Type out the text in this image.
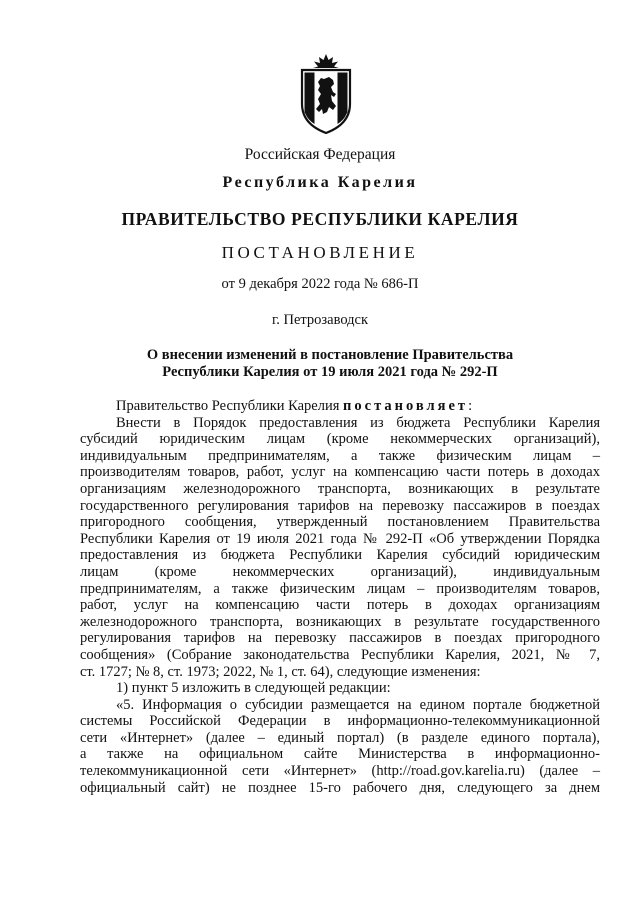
Российская Федерация
Республика Карелия
ПРАВИТЕЛЬСТВО РЕСПУБЛИКИ КАРЕЛИЯ
ПОСТАНОВЛЕНИЕ
от 9 декабря 2022 года № 686-П
г. Петрозаводск
О внесении изменений в постановление Правительства
Республики Карелия от 19 июля 2021 года № 292-П

Правительство Республики Карелия постановляет:

Внести в Порядок предоставления из бюджета Республики Карелия

субсидий юридическим лицам (кроме некоммерческих организаций),

индивидуальным предпринимателям, а также физическим лицам –

производителям товаров, работ, услуг на компенсацию части потерь в доходах

организациям железнодорожного транспорта, возникающих в результате

государственного регулирования тарифов на перевозку пассажиров в поездах

пригородного сообщения, утвержденный постановлением Правительства

Республики Карелия от 19 июля 2021 года № 292-П «Об утверждении Порядка

предоставления из бюджета Республики Карелия субсидий юридическим

лицам (кроме некоммерческих организаций), индивидуальным

предпринимателям, а также физическим лицам – производителям товаров,

работ, услуг на компенсацию части потерь в доходах организациям

железнодорожного транспорта, возникающих в результате государственного

регулирования тарифов на перевозку пассажиров в поездах пригородного

сообщения» (Собрание законодательства Республики Карелия, 2021, № 7,

ст. 1727; № 8, ст. 1973; 2022, № 1, ст. 64), следующие изменения:

1) пункт 5 изложить в следующей редакции:

«5. Информация о субсидии размещается на едином портале бюджетной

системы Российской Федерации в информационно-телекоммуникационной

сети «Интернет» (далее – единый портал) (в разделе единого портала),

а также на официальном сайте Министерства в информационно-

телекоммуникационной сети «Интернет» (http://road.gov.karelia.ru) (далее –

официальный сайт) не позднее 15-го рабочего дня, следующего за днем
